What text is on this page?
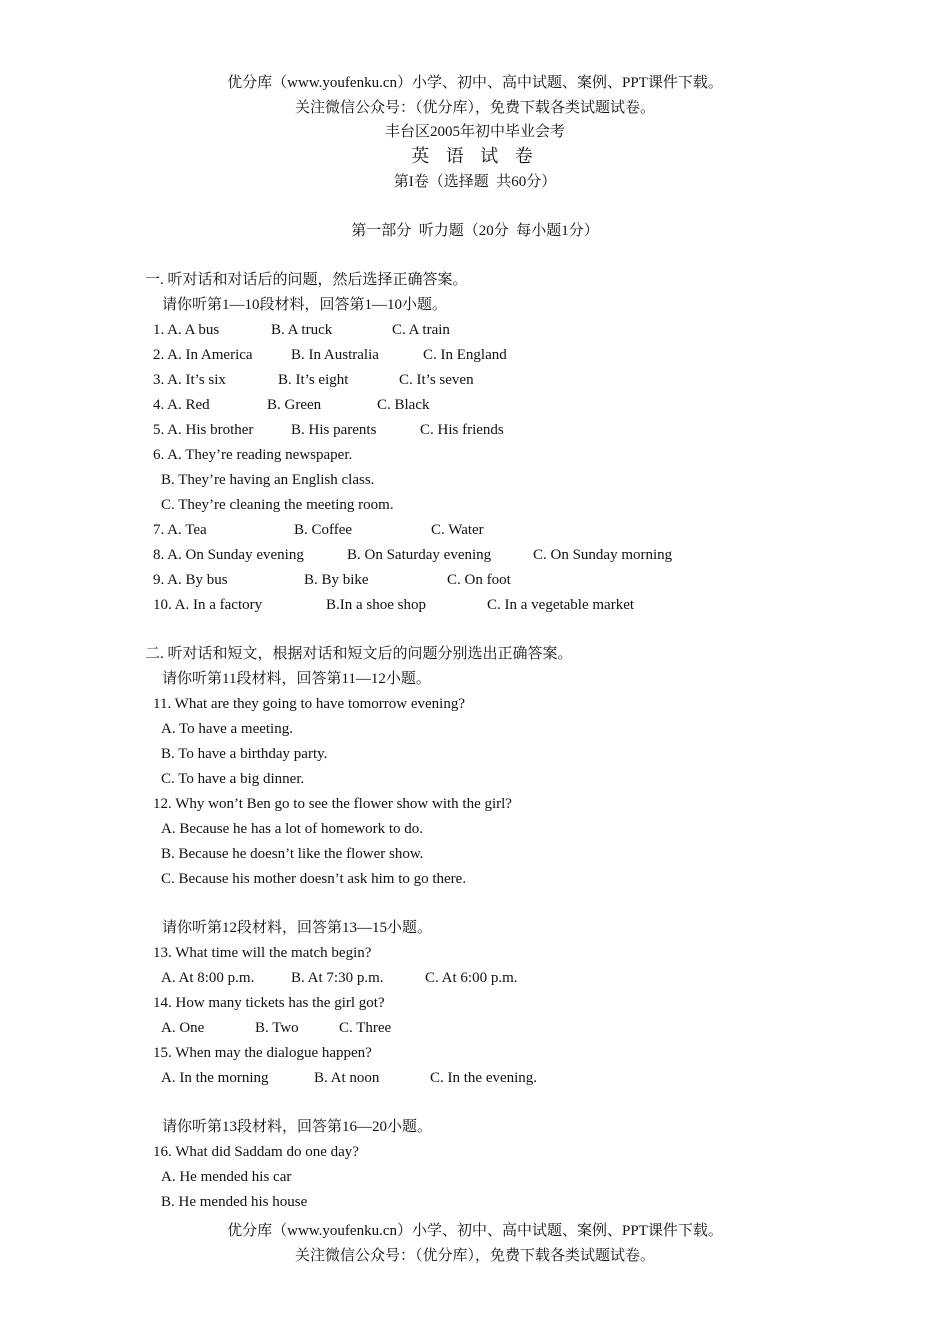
优分库（www.youfenku.cn）小学、初中、高中试题、案例、PPT课件下载。
关注微信公众号：（优分库），免费下载各类试题试卷。
丰台区2005年初中毕业会考
英 语 试 卷
第I卷（选择题  共60分）
第一部分  听力题（20分  每小题1分）
一. 听对话和对话后的问题，然后选择正确答案。
请你听第1—10段材料，回答第1—10小题。
1. A. A bus	B. A truck	C. A train
2. A. In America	B. In Australia	C. In England
3. A. It’s six	B. It’s eight	C. It’s seven
4. A. Red	B. Green	C. Black
5. A. His brother	B. His parents	C. His friends
6. A. They’re reading newspaper.
B. They’re having an English class.
C. They’re cleaning the meeting room.
7. A. Tea	B. Coffee	C. Water
8. A. On Sunday evening	B. On Saturday evening	C. On Sunday morning
9. A. By bus	B. By bike	C. On foot
10. A. In a factory	B.In a shoe shop	C. In a vegetable market
二. 听对话和短文，根据对话和短文后的问题分别选出正确答案。
请你听第11段材料，回答第11—12小题。
11. What are they going to have tomorrow evening?
A. To have a meeting.
B. To have a birthday party.
C. To have a big dinner.
12. Why won’t Ben go to see the flower show with the girl?
A. Because he has a lot of homework to do.
B. Because he doesn’t like the flower show.
C. Because his mother doesn’t ask him to go there.
请你听第12段材料，回答第13—15小题。
13. What time will the match begin?
A. At 8:00 p.m. B. At 7:30 p.m.	C. At 6:00 p.m.
14. How many tickets has the girl got?
A. One	B. Two	C. Three
15. When may the dialogue happen?
A. In the morning	B. At noon	C. In the evening.
请你听第13段材料，回答第16—20小题。
16. What did Saddam do one day?
A. He mended his car
B. He mended his house
优分库（www.youfenku.cn）小学、初中、高中试题、案例、PPT课件下载。
关注微信公众号：（优分库），免费下载各类试题试卷。
